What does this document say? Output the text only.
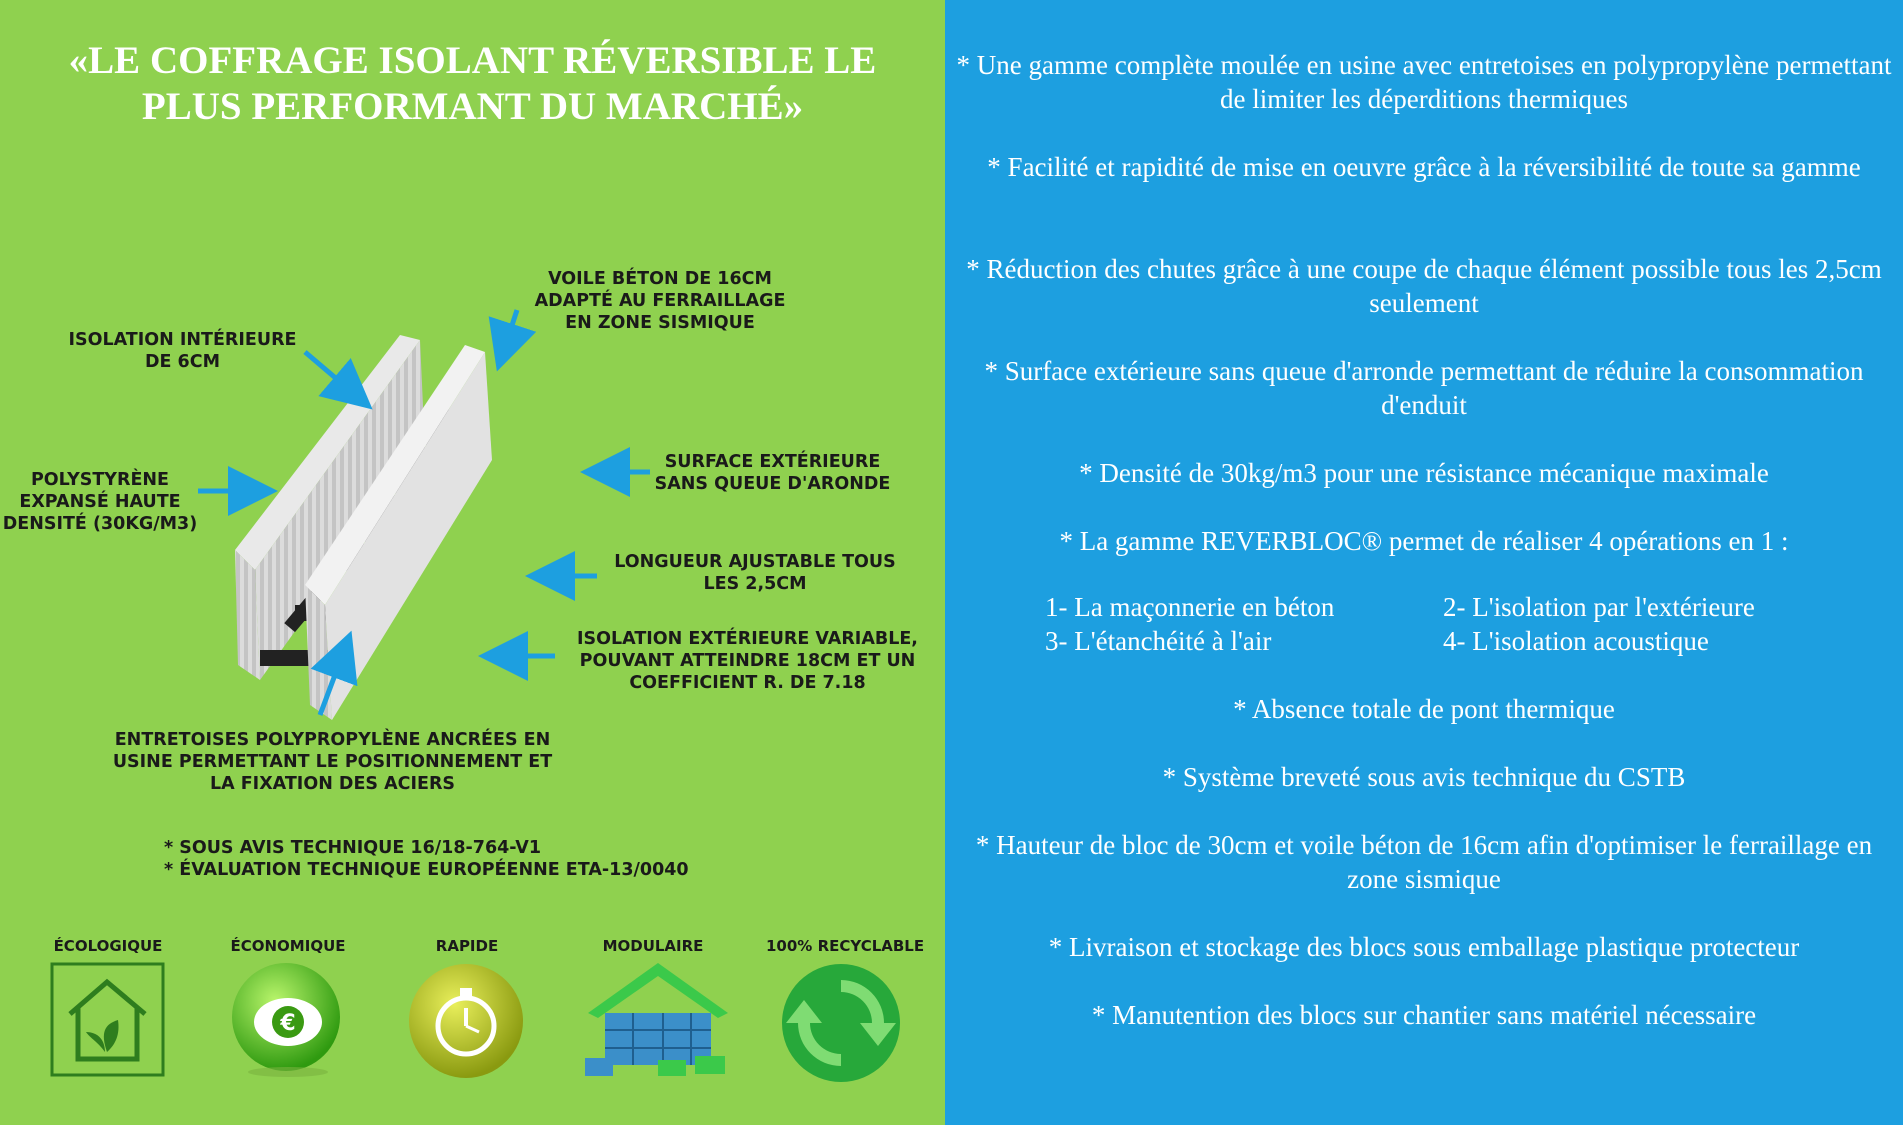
«LE COFFRAGE ISOLANT RÉVERSIBLE LE PLUS PERFORMANT DU MARCHÉ»
VOILE BÉTON DE 16CM
ADAPTÉ AU FERRAILLAGE
EN ZONE SISMIQUE
ISOLATION INTÉRIEURE
DE 6CM
POLYSTYRÈNE
EXPANSÉ HAUTE
DENSITÉ (30KG/M3)
SURFACE EXTÉRIEURE
SANS QUEUE D'ARONDE
LONGUEUR AJUSTABLE TOUS
LES 2,5CM
ISOLATION EXTÉRIEURE VARIABLE,
POUVANT ATTEINDRE 18CM ET UN
COEFFICIENT R. DE 7.18
ENTRETOISES POLYPROPYLÈNE ANCRÉES EN
USINE PERMETTANT LE POSITIONNEMENT ET
LA FIXATION DES ACIERS
* SOUS AVIS TECHNIQUE 16/18-764-V1
* ÉVALUATION TECHNIQUE EUROPÉENNE ETA-13/0040
ÉCOLOGIQUE	ÉCONOMIQUE	RAPIDE	MODULAIRE	100% RECYCLABLE
€
* Une gamme complète moulée en usine avec entretoises en polypropylène permettant de limiter les déperditions thermiques
* Facilité et rapidité de mise en oeuvre grâce à la réversibilité de toute sa gamme
* Réduction des chutes grâce à une coupe de chaque élément possible tous les 2,5cm seulement
* Surface extérieure sans queue d'arronde permettant de réduire la consommation d'enduit
* Densité de 30kg/m3 pour une résistance mécanique maximale
* La gamme REVERBLOC® permet de réaliser 4 opérations en 1 :
1- La maçonnerie en béton	2- L'isolation par l'extérieure
3- L'étanchéité à l'air	4- L'isolation acoustique
* Absence totale de pont thermique
* Système breveté sous avis technique du CSTB
* Hauteur de bloc de 30cm et voile béton de 16cm afin d'optimiser le ferraillage en zone sismique
* Livraison et stockage des blocs sous emballage plastique protecteur
* Manutention des blocs sur chantier sans matériel nécessaire
